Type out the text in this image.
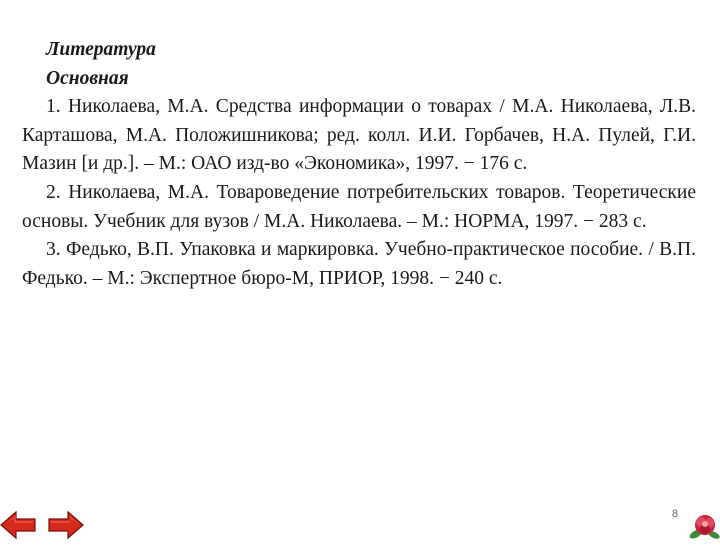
Литература

Основная

1. Николаева, М.А. Средства информации о товарах / М.А. Николаева, Л.В. Карташова, М.А. Положишникова; ред. колл. И.И. Горбачев, Н.А. Пулей, Г.И. Мазин [и др.]. – М.: ОАО изд-во «Экономика», 1997. − 176 с.

2. Николаева, М.А. Товароведение потребительских товаров. Теоретические основы. Учебник для вузов / М.А. Николаева. – М.: НОРМА, 1997. − 283 с.

3. Федько, В.П. Упаковка и маркировка. Учебно-практическое пособие. / В.П. Федько. – М.: Экспертное бюро-М, ПРИОР, 1998. − 240 с.

8
